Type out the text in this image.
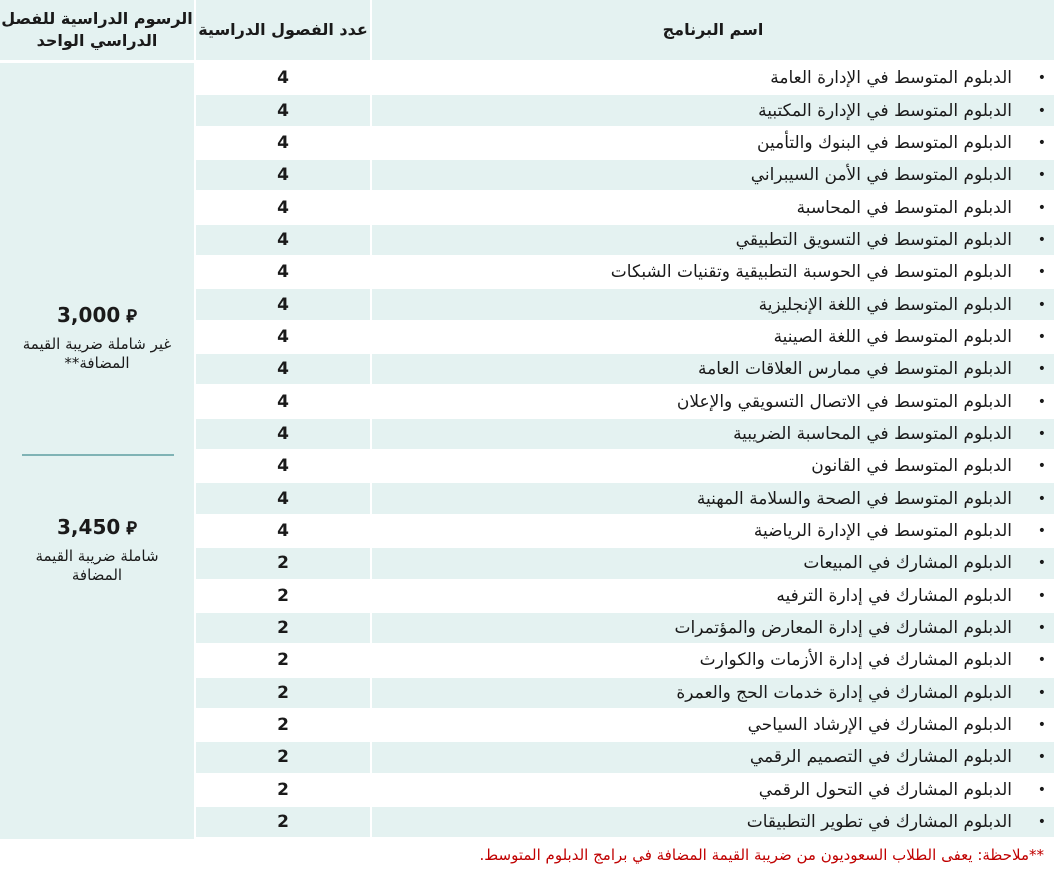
اسم البرنامج
عدد الفصول الدراسية
الرسوم الدراسية للفصل الدراسي الواحد
3,000 ⃁
غير شاملة ضريبة القيمة المضافة**
3,450 ⃁
شاملة ضريبة القيمة المضافة
4	الدبلوم المتوسط في الإدارة العامة	•
4	الدبلوم المتوسط في الإدارة المكتبية	•
4	الدبلوم المتوسط في البنوك والتأمين	•
4	الدبلوم المتوسط في الأمن السيبراني	•
4	الدبلوم المتوسط في المحاسبة	•
4	الدبلوم المتوسط في التسويق التطبيقي	•
4	الدبلوم المتوسط في الحوسبة التطبيقية وتقنيات الشبكات	•
4	الدبلوم المتوسط في اللغة الإنجليزية	•
4	الدبلوم المتوسط في اللغة الصينية	•
4	الدبلوم المتوسط في ممارس العلاقات العامة	•
4	الدبلوم المتوسط في الاتصال التسويقي والإعلان	•
4	الدبلوم المتوسط في المحاسبة الضريبية	•
4	الدبلوم المتوسط في القانون	•
4	الدبلوم المتوسط في الصحة والسلامة المهنية	•
4	الدبلوم المتوسط في الإدارة الرياضية	•
2	الدبلوم المشارك في المبيعات	•
2	الدبلوم المشارك في إدارة الترفيه	•
2	الدبلوم المشارك في إدارة المعارض والمؤتمرات	•
2	الدبلوم المشارك في إدارة الأزمات والكوارث	•
2	الدبلوم المشارك في إدارة خدمات الحج والعمرة	•
2	الدبلوم المشارك في الإرشاد السياحي	•
2	الدبلوم المشارك في التصميم الرقمي	•
2	الدبلوم المشارك في التحول الرقمي	•
2	الدبلوم المشارك في تطوير التطبيقات	•
**ملاحظة: يعفى الطلاب السعوديون من ضريبة القيمة المضافة في برامج الدبلوم المتوسط.
